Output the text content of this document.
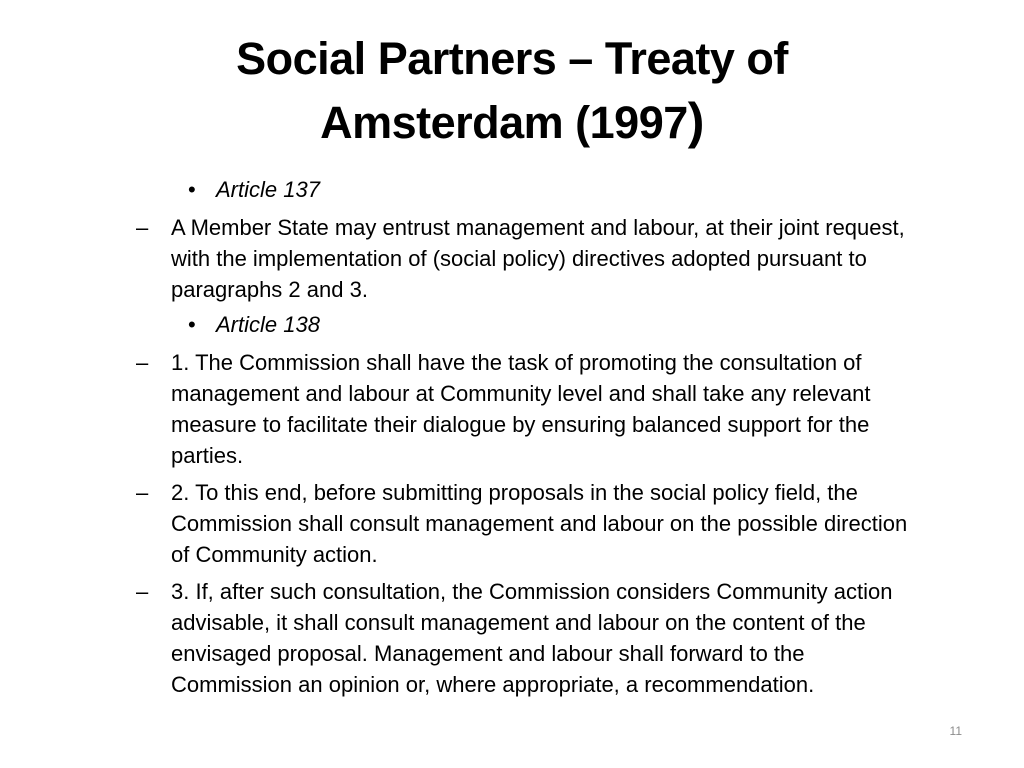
Social Partners – Treaty of
Amsterdam (1997)
• Article 137
– A Member State may entrust management and labour, at their joint request, with the implementation of (social policy) directives adopted pursuant to paragraphs 2 and 3.
• Article 138
– 1. The Commission shall have the task of promoting the consultation of management and labour at Community level and shall take any relevant measure to facilitate their dialogue by ensuring balanced support for the parties.
– 2. To this end, before submitting proposals in the social policy field, the Commission shall consult management and labour on the possible direction of Community action.
– 3. If, after such consultation, the Commission considers Community action advisable, it shall consult management and labour on the content of the envisaged proposal. Management and labour shall forward to the Commission an opinion or, where appropriate, a recommendation.
11
